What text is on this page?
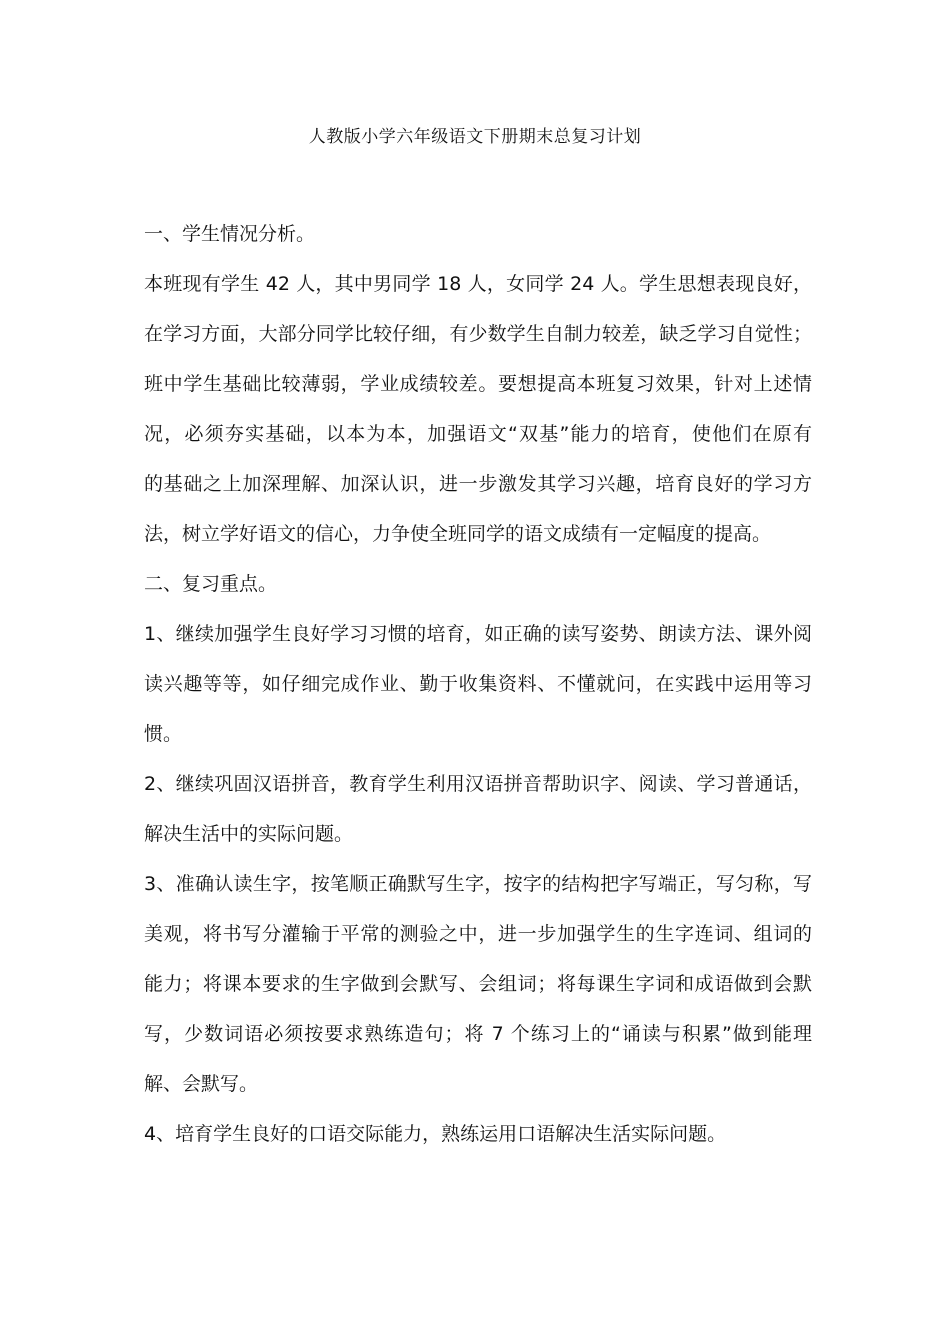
人教版小学六年级语文下册期末总复习计划
一、学生情况分析。
本班现有学生 42 人，其中男同学 18 人，女同学 24 人。学生思想表现良好，
在学习方面，大部分同学比较仔细，有少数学生自制力较差，缺乏学习自觉性；
班中学生基础比较薄弱，学业成绩较差。要想提高本班复习效果，针对上述情
况，必须夯实基础，以本为本，加强语文“双基”能力的培育，使他们在原有
的基础之上加深理解、加深认识，进一步激发其学习兴趣，培育良好的学习方
法，树立学好语文的信心，力争使全班同学的语文成绩有一定幅度的提高。
二、复习重点。
1、继续加强学生良好学习习惯的培育，如正确的读写姿势、朗读方法、课外阅
读兴趣等等，如仔细完成作业、勤于收集资料、不懂就问，在实践中运用等习
惯。
2、继续巩固汉语拼音，教育学生利用汉语拼音帮助识字、阅读、学习普通话，
解决生活中的实际问题。
3、准确认读生字，按笔顺正确默写生字，按字的结构把字写端正，写匀称，写
美观，将书写分灌输于平常的测验之中，进一步加强学生的生字连词、组词的
能力；将课本要求的生字做到会默写、会组词；将每课生字词和成语做到会默
写，少数词语必须按要求熟练造句；将 7 个练习上的“诵读与积累”做到能理
解、会默写。
4、培育学生良好的口语交际能力，熟练运用口语解决生活实际问题。
